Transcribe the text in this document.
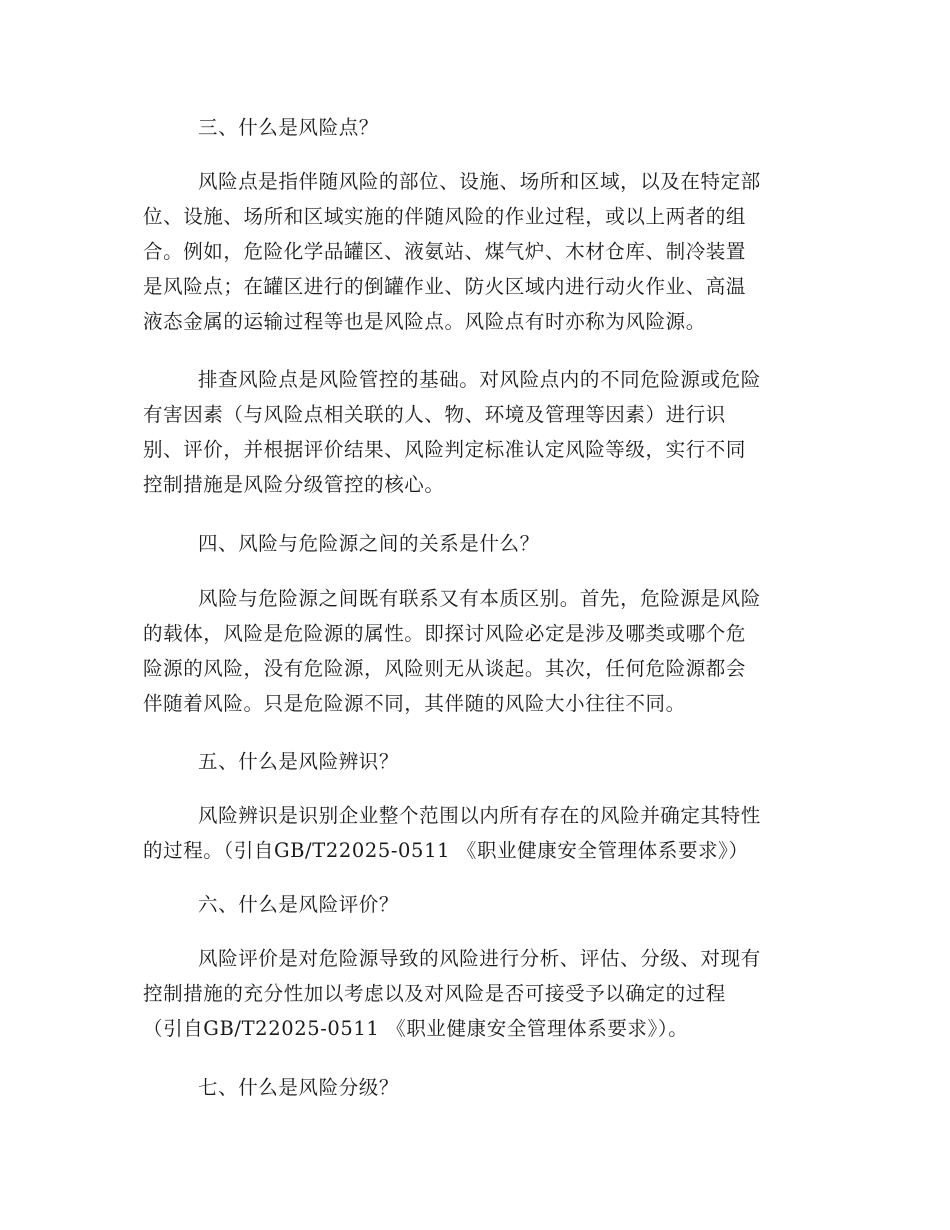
三、什么是风险点？
风险点是指伴随风险的部位、设施、场所和区域，以及在特定部
位、设施、场所和区域实施的伴随风险的作业过程，或以上两者的组
合。例如，危险化学品罐区、液氨站、煤气炉、木材仓库、制冷装置
是风险点；在罐区进行的倒罐作业、防火区域内进行动火作业、高温
液态金属的运输过程等也是风险点。风险点有时亦称为风险源。
排查风险点是风险管控的基础。对风险点内的不同危险源或危险
有害因素（与风险点相关联的人、物、环境及管理等因素）进行识
别、评价，并根据评价结果、风险判定标准认定风险等级，实行不同
控制措施是风险分级管控的核心。
四、风险与危险源之间的关系是什么？
风险与危险源之间既有联系又有本质区别。首先，危险源是风险
的载体，风险是危险源的属性。即探讨风险必定是涉及哪类或哪个危
险源的风险，没有危险源，风险则无从谈起。其次，任何危险源都会
伴随着风险。只是危险源不同，其伴随的风险大小往往不同。
五、什么是风险辨识？
风险辨识是识别企业整个范围以内所有存在的风险并确定其特性
的过程。（引自GB/T22025-0511 《职业健康安全管理体系要求》）
六、什么是风险评价？
风险评价是对危险源导致的风险进行分析、评估、分级、对现有
控制措施的充分性加以考虑以及对风险是否可接受予以确定的过程
（引自GB/T22025-0511 《职业健康安全管理体系要求》）。
七、什么是风险分级？
